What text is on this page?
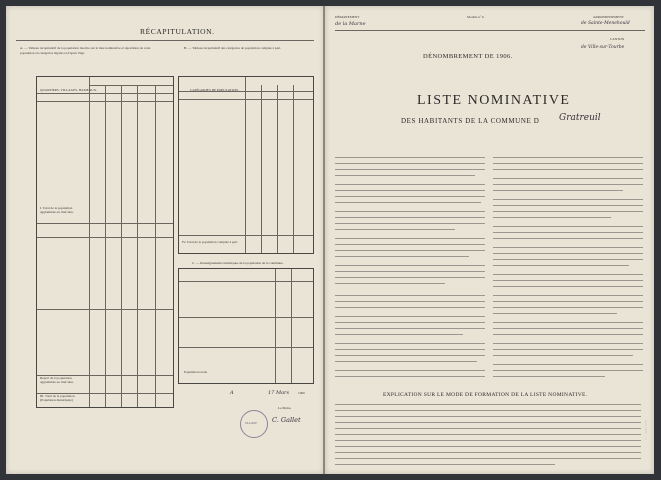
RÉCAPITULATION.
A. — Tableau récapitulatif de la population inscrite sur la liste nominative et répartition de cette population en catégories légales et d'après l'âge.
B. — Tableau récapitulatif des catégories de population comptée à part.
QUARTIERS, VILLAGES, HAMEAUX.
I. Total de la population agglomérée au chef-lieu.
Report de la population agglomérée au chef-lieu.
III. Total de la population (Population municipale)
CATÉGORIES DE POPULATION.
IV. Total de la population comptée à part.
C. — Renseignements statistiques de la population de la commune.
Population totale
A	17 Mars	1906
Le Maire,
MAIRIE C. Gallet
DÉPARTEMENT
de la Marne
Modèle nº 9.	ARRONDISSEMENT
de Sainte-Menehould
CANTON
de Ville-sur-Tourbe
DÉNOMBREMENT DE 1906.
LISTE NOMINATIVE
DES HABITANTS DE LA COMMUNE D Gratreuil
EXPLICATION SUR LE MODE DE FORMATION DE LA LISTE NOMINATIVE.
Juin 1906 — 7
